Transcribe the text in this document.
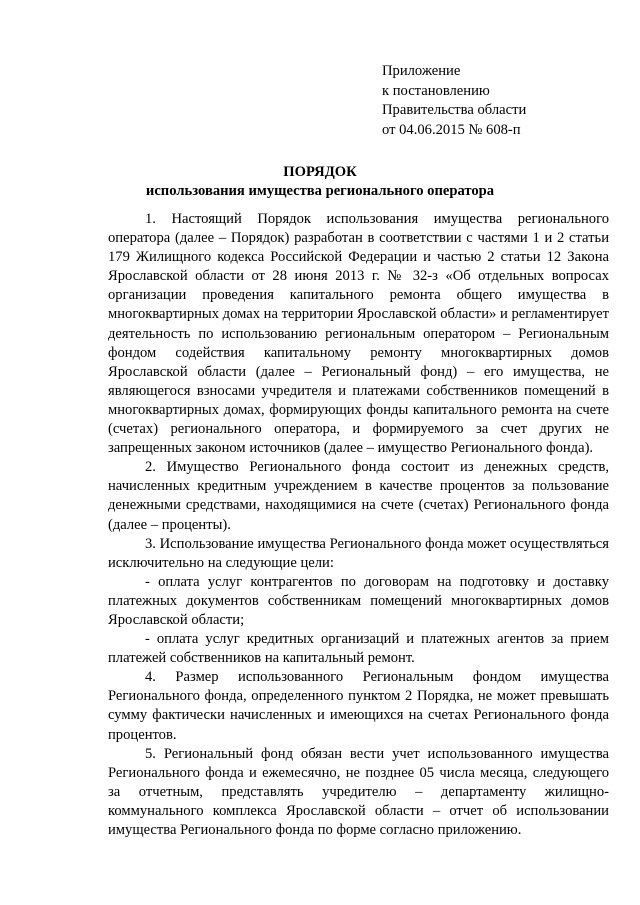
Приложение
к постановлению
Правительства области
от 04.06.2015 № 608-п
ПОРЯДОК
использования имущества регионального оператора

1. Настоящий Порядок использования имущества регионального оператора (далее – Порядок) разработан в соответствии с частями 1 и 2 статьи 179 Жилищного кодекса Российской Федерации и частью 2 статьи 12 Закона Ярославской области от 28 июня 2013 г. № 32-з «Об отдельных вопросах организации проведения капитального ремонта общего имущества в многоквартирных домах на территории Ярославской области» и регламентирует деятельность по использованию региональным оператором – Региональным фондом содействия капитальному ремонту многоквартирных домов Ярославской области (далее – Региональный фонд) – его имущества, не являющегося взносами учредителя и платежами собственников помещений в многоквартирных домах, формирующих фонды капитального ремонта на счете (счетах) регионального оператора, и формируемого за счет других не запрещенных законом источников (далее – имущество Регионального фонда).

2. Имущество Регионального фонда состоит из денежных средств, начисленных кредитным учреждением в качестве процентов за пользование денежными средствами, находящимися на счете (счетах) Регионального фонда (далее – проценты).

3. Использование имущества Регионального фонда может осуществляться исключительно на следующие цели:

- оплата услуг контрагентов по договорам на подготовку и доставку платежных документов собственникам помещений многоквартирных домов Ярославской области;

- оплата услуг кредитных организаций и платежных агентов за прием платежей собственников на капитальный ремонт.

4. Размер использованного Региональным фондом имущества Регионального фонда, определенного пунктом 2 Порядка, не может превышать сумму фактически начисленных и имеющихся на счетах Регионального фонда процентов.

5. Региональный фонд обязан вести учет использованного имущества Регионального фонда и ежемесячно, не позднее 05 числа месяца, следующего за отчетным, представлять учредителю – департаменту жилищно-коммунального комплекса Ярославской области – отчет об использовании имущества Регионального фонда по форме согласно приложению.
